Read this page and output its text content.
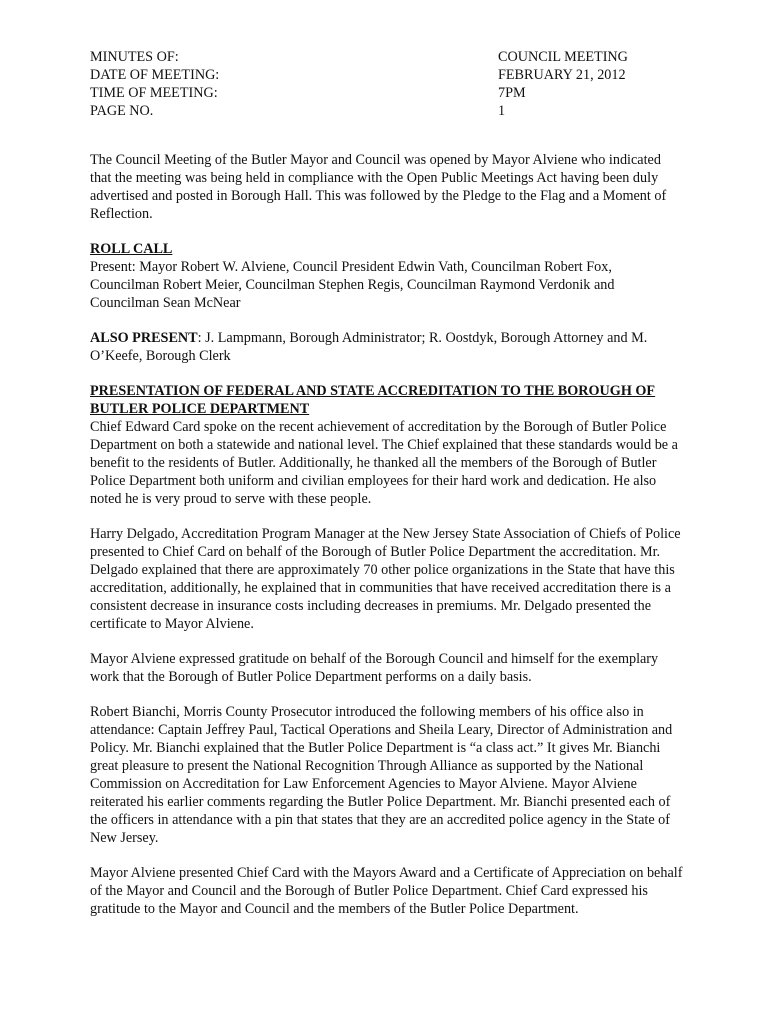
MINUTES OF:	COUNCIL MEETING
DATE OF MEETING:	FEBRUARY 21, 2012
TIME OF MEETING:	7PM
PAGE NO.	1

The Council Meeting of the Butler Mayor and Council was opened by Mayor Alviene who indicated that the meeting was being held in compliance with the Open Public Meetings Act having been duly advertised and posted in Borough Hall. This was followed by the Pledge to the Flag and a Moment of Reflection.

ROLL CALL
Present: Mayor Robert W. Alviene, Council President Edwin Vath, Councilman Robert Fox, Councilman Robert Meier, Councilman Stephen Regis, Councilman Raymond Verdonik and Councilman Sean McNear

ALSO PRESENT: J. Lampmann, Borough Administrator; R. Oostdyk, Borough Attorney and M. O’Keefe, Borough Clerk

PRESENTATION OF FEDERAL AND STATE ACCREDITATION TO THE BOROUGH OF BUTLER POLICE DEPARTMENT
Chief Edward Card spoke on the recent achievement of accreditation by the Borough of Butler Police Department on both a statewide and national level. The Chief explained that these standards would be a benefit to the residents of Butler. Additionally, he thanked all the members of the Borough of Butler Police Department both uniform and civilian employees for their hard work and dedication. He also noted he is very proud to serve with these people.

Harry Delgado, Accreditation Program Manager at the New Jersey State Association of Chiefs of Police presented to Chief Card on behalf of the Borough of Butler Police Department the accreditation. Mr. Delgado explained that there are approximately 70 other police organizations in the State that have this accreditation, additionally, he explained that in communities that have received accreditation there is a consistent decrease in insurance costs including decreases in premiums. Mr. Delgado presented the certificate to Mayor Alviene.

Mayor Alviene expressed gratitude on behalf of the Borough Council and himself for the exemplary work that the Borough of Butler Police Department performs on a daily basis.

Robert Bianchi, Morris County Prosecutor introduced the following members of his office also in attendance: Captain Jeffrey Paul, Tactical Operations and Sheila Leary, Director of Administration and Policy. Mr. Bianchi explained that the Butler Police Department is “a class act.” It gives Mr. Bianchi great pleasure to present the National Recognition Through Alliance as supported by the National Commission on Accreditation for Law Enforcement Agencies to Mayor Alviene. Mayor Alviene reiterated his earlier comments regarding the Butler Police Department. Mr. Bianchi presented each of the officers in attendance with a pin that states that they are an accredited police agency in the State of New Jersey.

Mayor Alviene presented Chief Card with the Mayors Award and a Certificate of Appreciation on behalf of the Mayor and Council and the Borough of Butler Police Department. Chief Card expressed his gratitude to the Mayor and Council and the members of the Butler Police Department.
